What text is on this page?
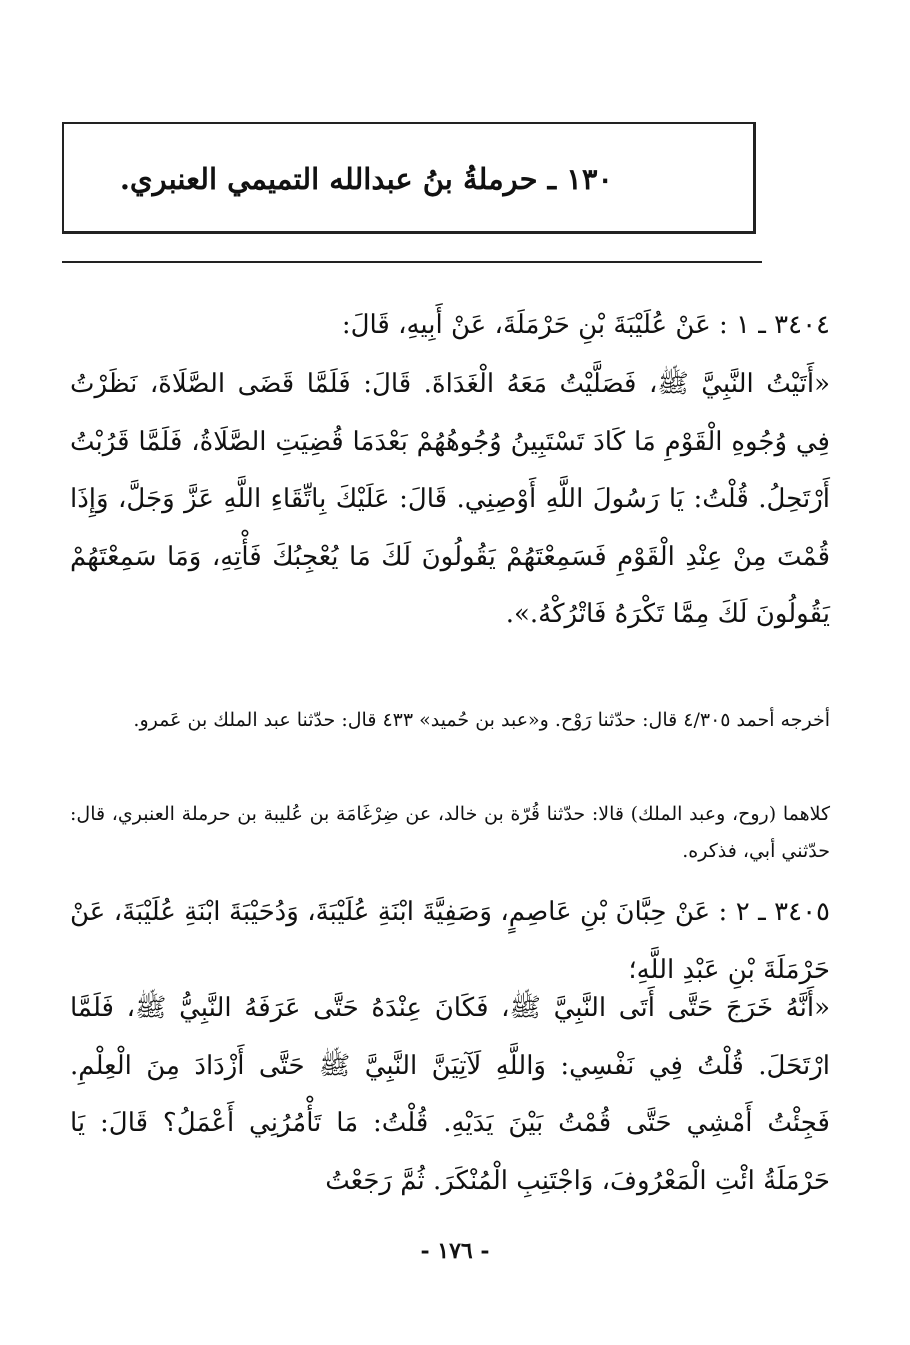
١٣٠ ـ حرملةُ بنُ عبدالله التميمي العنبري.
٣٤٠٤ ـ ١ : عَنْ عُلَيْبَةَ بْنِ حَرْمَلَةَ، عَنْ أَبِيهِ، قَالَ:
«أَتَيْتُ النَّبِيَّ ﷺ، فَصَلَّيْتُ مَعَهُ الْغَدَاةَ. قَالَ: فَلَمَّا قَضَى الصَّلَاةَ، نَظَرْتُ فِي وُجُوهِ الْقَوْمِ مَا كَادَ تَسْتَبِينُ وُجُوهُهُمْ بَعْدَمَا قُضِيَتِ الصَّلَاةُ، فَلَمَّا قَرُبْتُ أَرْتَحِلُ. قُلْتُ: يَا رَسُولَ اللَّهِ أَوْصِنِي. قَالَ: عَلَيْكَ بِاتِّقَاءِ اللَّهِ عَزَّ وَجَلَّ، وَإِذَا قُمْتَ مِنْ عِنْدِ الْقَوْمِ فَسَمِعْتَهُمْ يَقُولُونَ لَكَ مَا يُعْجِبُكَ فَأْتِهِ، وَمَا سَمِعْتَهُمْ يَقُولُونَ لَكَ مِمَّا تَكْرَهُ فَاتْرُكْهُ.».
أخرجه أحمد ٤/٣٠٥ قال: حدّثنا رَوْح. و«عبد بن حُميد» ٤٣٣ قال: حدّثنا عبد الملك بن عَمرو.
كلاهما (روح، وعبد الملك) قالا: حدّثنا قُرّة بن خالد، عن ضِرْغَامَة بن عُليبة بن حرملة العنبري، قال: حدّثني أبي، فذكره.
٣٤٠٥ ـ ٢ : عَنْ حِبَّانَ بْنِ عَاصِمٍ، وَصَفِيَّةَ ابْنَةِ عُلَيْبَةَ، وَدُحَيْبَةَ ابْنَةِ عُلَيْبَةَ، عَنْ حَرْمَلَةَ بْنِ عَبْدِ اللَّهِ؛
«أَنَّهُ خَرَجَ حَتَّى أَتَى النَّبِيَّ ﷺ، فَكَانَ عِنْدَهُ حَتَّى عَرَفَهُ النَّبِيُّ ﷺ، فَلَمَّا ارْتَحَلَ. قُلْتُ فِي نَفْسِي: وَاللَّهِ لَآتِيَنَّ النَّبِيَّ ﷺ حَتَّى أَزْدَادَ مِنَ الْعِلْمِ. فَجِئْتُ أَمْشِي حَتَّى قُمْتُ بَيْنَ يَدَيْهِ. قُلْتُ: مَا تَأْمُرُنِي أَعْمَلُ؟ قَالَ: يَا حَرْمَلَةُ ائْتِ الْمَعْرُوفَ، وَاجْتَنِبِ الْمُنْكَرَ. ثُمَّ رَجَعْتُ
- ١٧٦ -
